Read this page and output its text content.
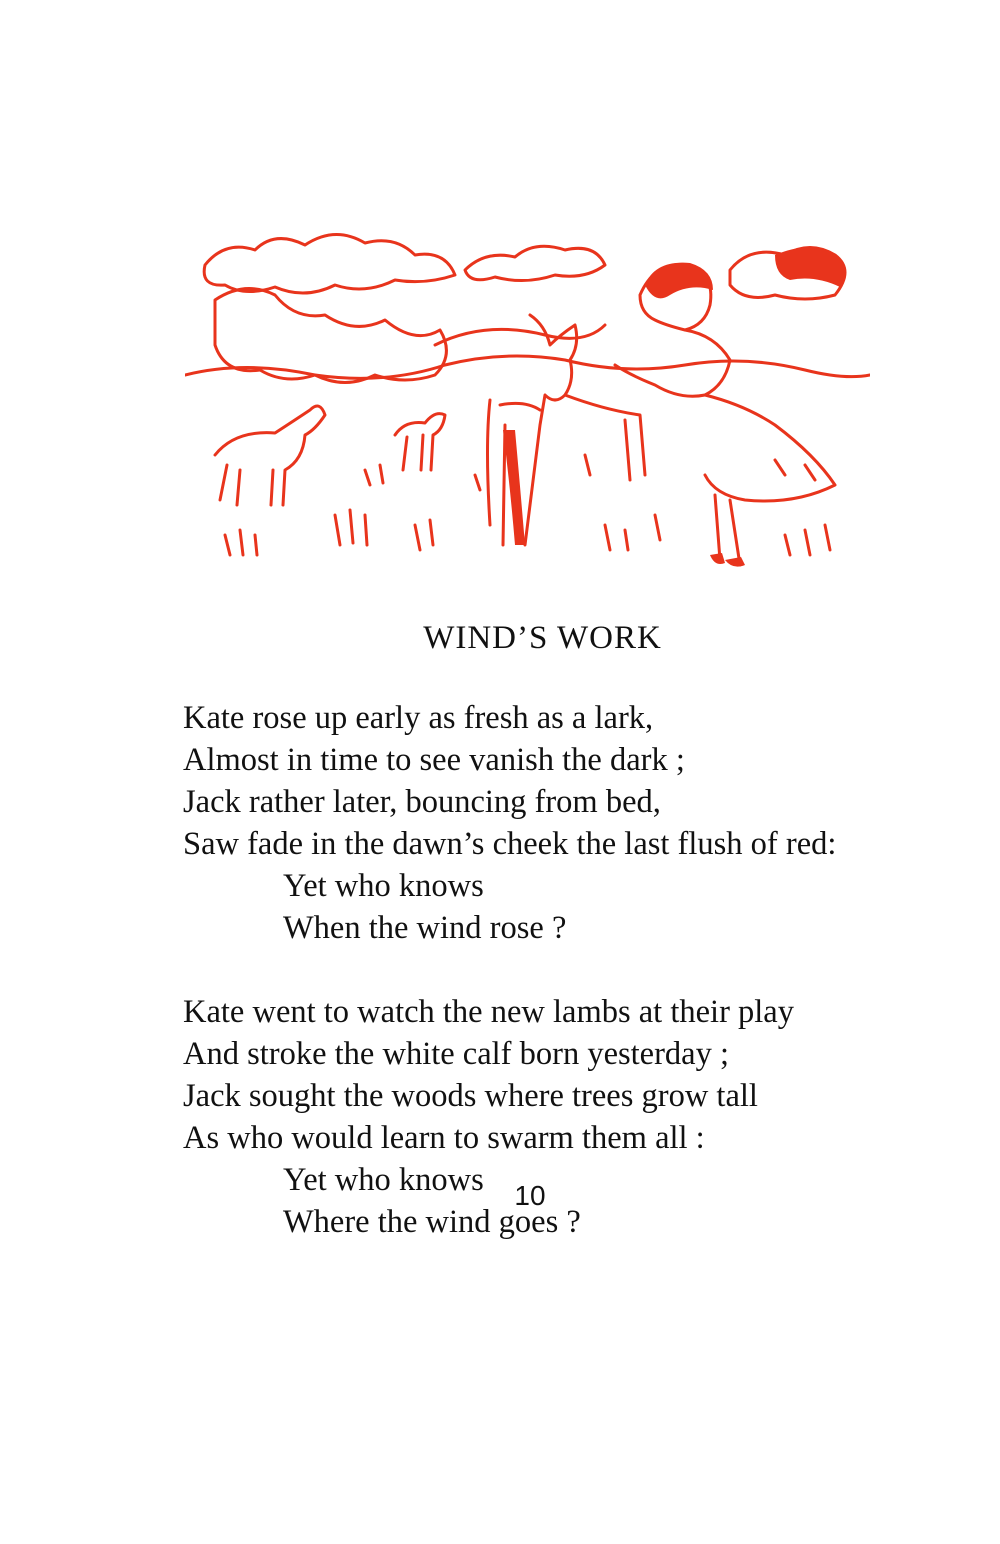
WIND’S WORK
Kate rose up early as fresh as a lark,
Almost in time to see vanish the dark ;
Jack rather later, bouncing from bed,
Saw fade in the dawn’s cheek the last flush of red:
Yet who knows
When the wind rose ?
Kate went to watch the new lambs at their play
And stroke the white calf born yesterday ;
Jack sought the woods where trees grow tall
As who would learn to swarm them all :
Yet who knows
Where the wind goes ?
10
